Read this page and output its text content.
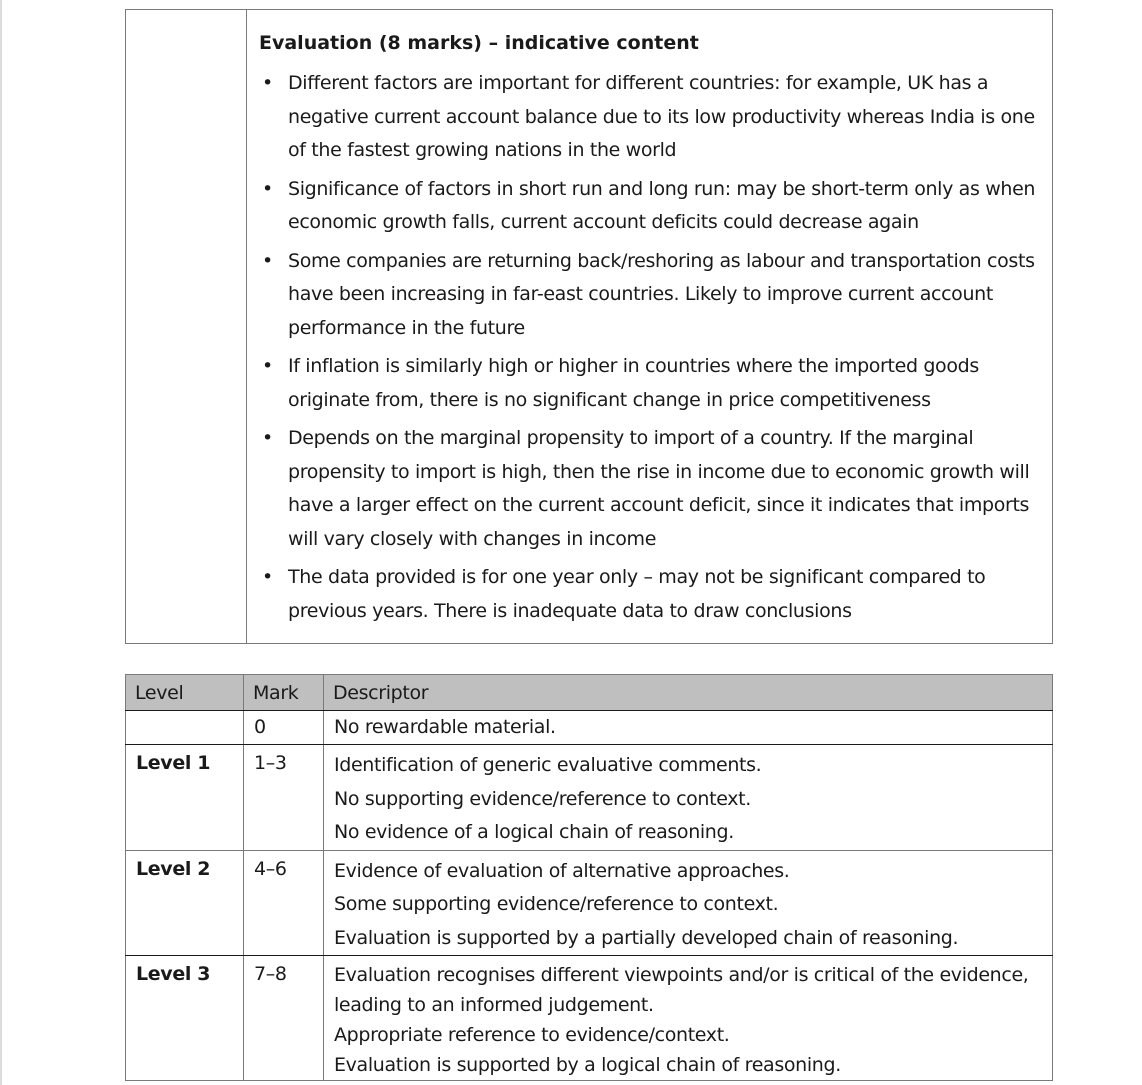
Evaluation (8 marks) – indicative content
• Different factors are important for different countries: for example, UK has a negative current account balance due to its low productivity whereas India is one of the fastest growing nations in the world
• Significance of factors in short run and long run: may be short-term only as when economic growth falls, current account deficits could decrease again
• Some companies are returning back/reshoring as labour and transportation costs have been increasing in far-east countries. Likely to improve current account performance in the future
• If inflation is similarly high or higher in countries where the imported goods originate from, there is no significant change in price competitiveness
• Depends on the marginal propensity to import of a country. If the marginal propensity to import is high, then the rise in income due to economic growth will have a larger effect on the current account deficit, since it indicates that imports will vary closely with changes in income
• The data provided is for one year only – may not be significant compared to previous years. There is inadequate data to draw conclusions
Level	Mark	Descriptor
	0	No rewardable material.

Level 1	1–3	Identification of generic evaluative comments.
No supporting evidence/reference to context.
No evidence of a logical chain of reasoning.

Level 2	4–6	Evidence of evaluation of alternative approaches.
Some supporting evidence/reference to context.
Evaluation is supported by a partially developed chain of reasoning.

Level 3	7–8	Evaluation recognises different viewpoints and/or is critical of the evidence, leading to an informed judgement.
Appropriate reference to evidence/context.
Evaluation is supported by a logical chain of reasoning.
